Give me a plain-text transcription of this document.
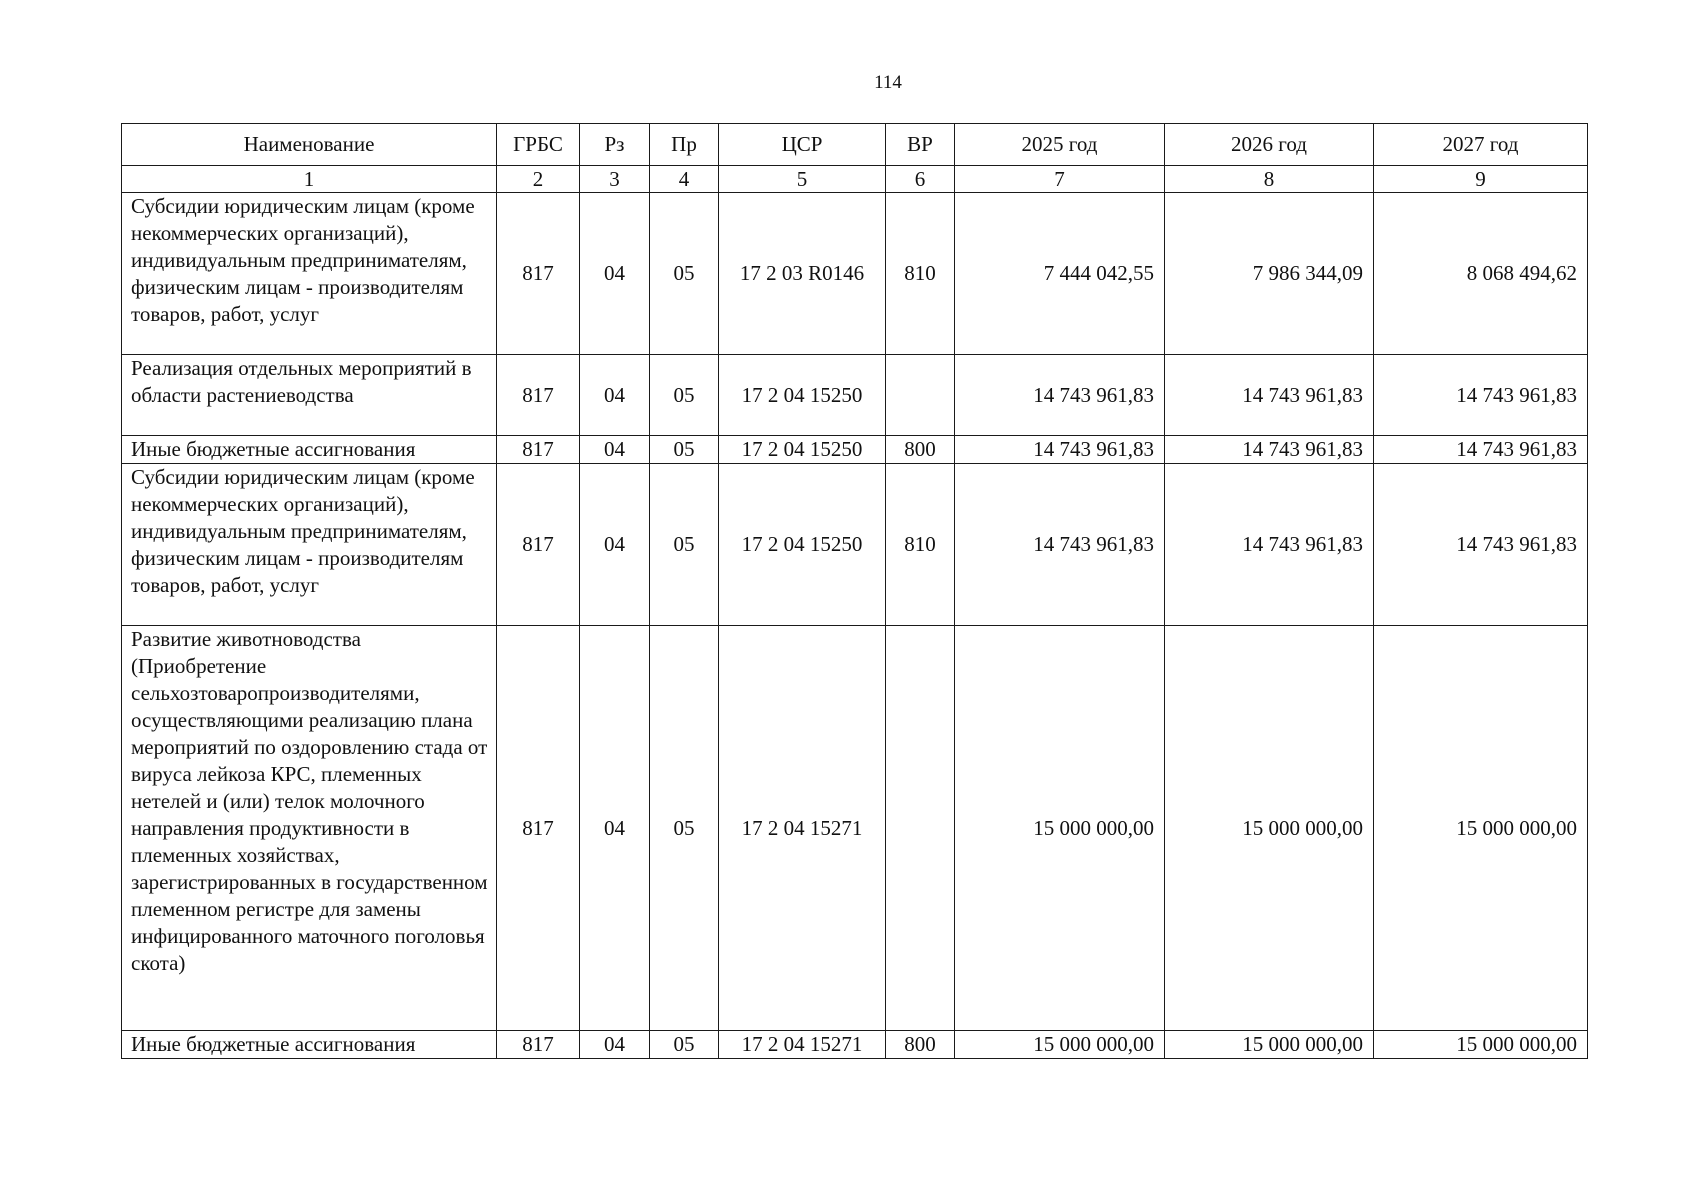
114
Наименование	ГРБС	Рз	Пр	ЦСР	ВР	2025 год	2026 год	2027 год
1	2	3	4	5	6	7	8	9
Субсидии юридическим лицам (кроме некоммерческих организаций), индивидуальным предпринимателям, физическим лицам - производителям товаров, работ, услуг	817	04	05	17 2 03 R0146	810	7 444 042,55	7 986 344,09	8 068 494,62
Реализация отдельных мероприятий в области растениеводства	817	04	05	17 2 04 15250		14 743 961,83	14 743 961,83	14 743 961,83
Иные бюджетные ассигнования	817	04	05	17 2 04 15250	800	14 743 961,83	14 743 961,83	14 743 961,83
Субсидии юридическим лицам (кроме некоммерческих организаций), индивидуальным предпринимателям, физическим лицам - производителям товаров, работ, услуг	817	04	05	17 2 04 15250	810	14 743 961,83	14 743 961,83	14 743 961,83
Развитие животноводства (Приобретение сельхозтоваропроизводителями, осуществляющими реализацию плана мероприятий по оздоровлению стада от вируса лейкоза КРС, племенных нетелей и (или) телок молочного направления продуктивности в племенных хозяйствах, зарегистрированных в государственном племенном регистре для замены инфицированного маточного поголовья скота)	817	04	05	17 2 04 15271		15 000 000,00	15 000 000,00	15 000 000,00
Иные бюджетные ассигнования	817	04	05	17 2 04 15271	800	15 000 000,00	15 000 000,00	15 000 000,00
